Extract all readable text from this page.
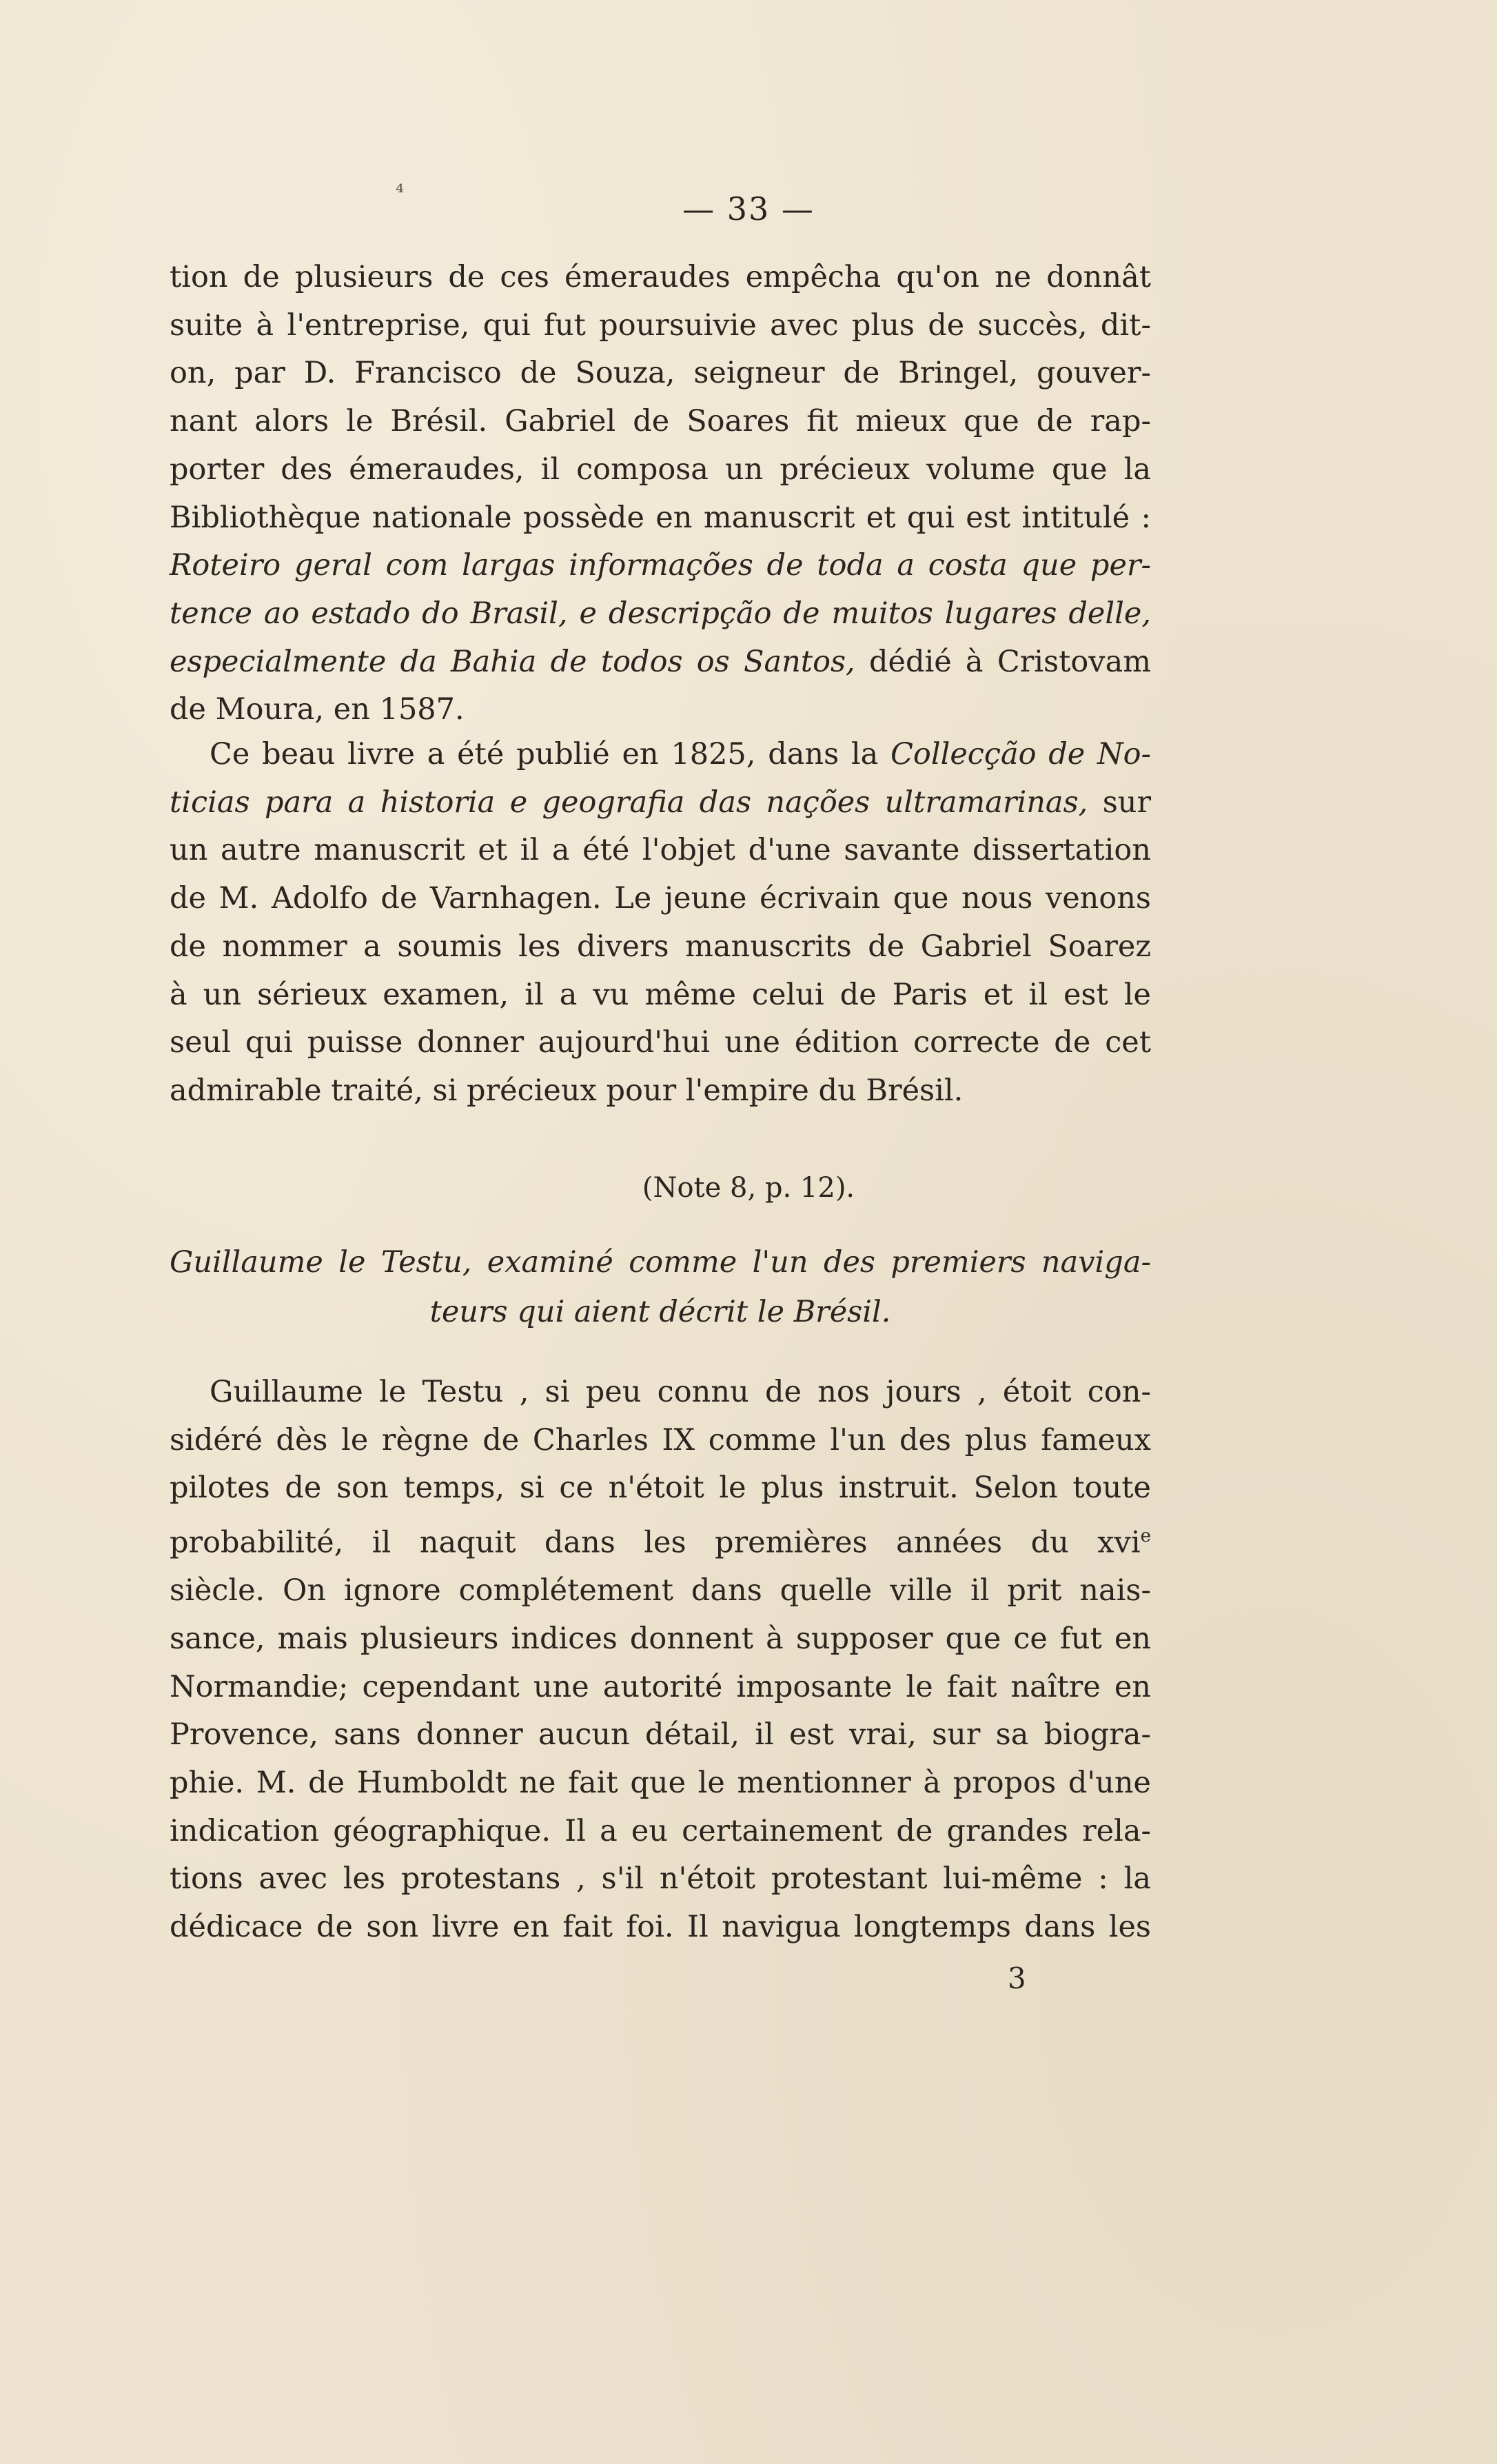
⁴	— 33 —
tion de plusieurs de ces émeraudes empêcha qu'on ne donnât
suite à l'entreprise, qui fut poursuivie avec plus de succès, dit-
on, par D. Francisco de Souza, seigneur de Bringel, gouver-
nant alors le Brésil. Gabriel de Soares fit mieux que de rap-
porter des émeraudes, il composa un précieux volume que la
Bibliothèque nationale possède en manuscrit et qui est intitulé :
Roteiro geral com largas informações de toda a costa que per-
tence ao estado do Brasil, e descripção de muitos lugares delle,
especialmente da Bahia de todos os Santos, dédié à Cristovam
de Moura, en 1587.
Ce beau livre a été publié en 1825, dans la Collecção de No-
ticias para a historia e geografia das nações ultramarinas, sur
un autre manuscrit et il a été l'objet d'une savante dissertation
de M. Adolfo de Varnhagen. Le jeune écrivain que nous venons
de nommer a soumis les divers manuscrits de Gabriel Soarez
à un sérieux examen, il a vu même celui de Paris et il est le
seul qui puisse donner aujourd'hui une édition correcte de cet
admirable traité, si précieux pour l'empire du Brésil.
(Note 8, p. 12).
Guillaume le Testu, examiné comme l'un des premiers naviga-
teurs qui aient décrit le Brésil.
Guillaume le Testu , si peu connu de nos jours , étoit con-
sidéré dès le règne de Charles IX comme l'un des plus fameux
pilotes de son temps, si ce n'étoit le plus instruit. Selon toute
probabilité, il naquit dans les premières années du xvi$^e$
siècle. On ignore complétement dans quelle ville il prit nais-
sance, mais plusieurs indices donnent à supposer que ce fut en
Normandie; cependant une autorité imposante le fait naître en
Provence, sans donner aucun détail, il est vrai, sur sa biogra-
phie. M. de Humboldt ne fait que le mentionner à propos d'une
indication géographique. Il a eu certainement de grandes rela-
tions avec les protestans , s'il n'étoit protestant lui-même : la
dédicace de son livre en fait foi. Il navigua longtemps dans les
3
